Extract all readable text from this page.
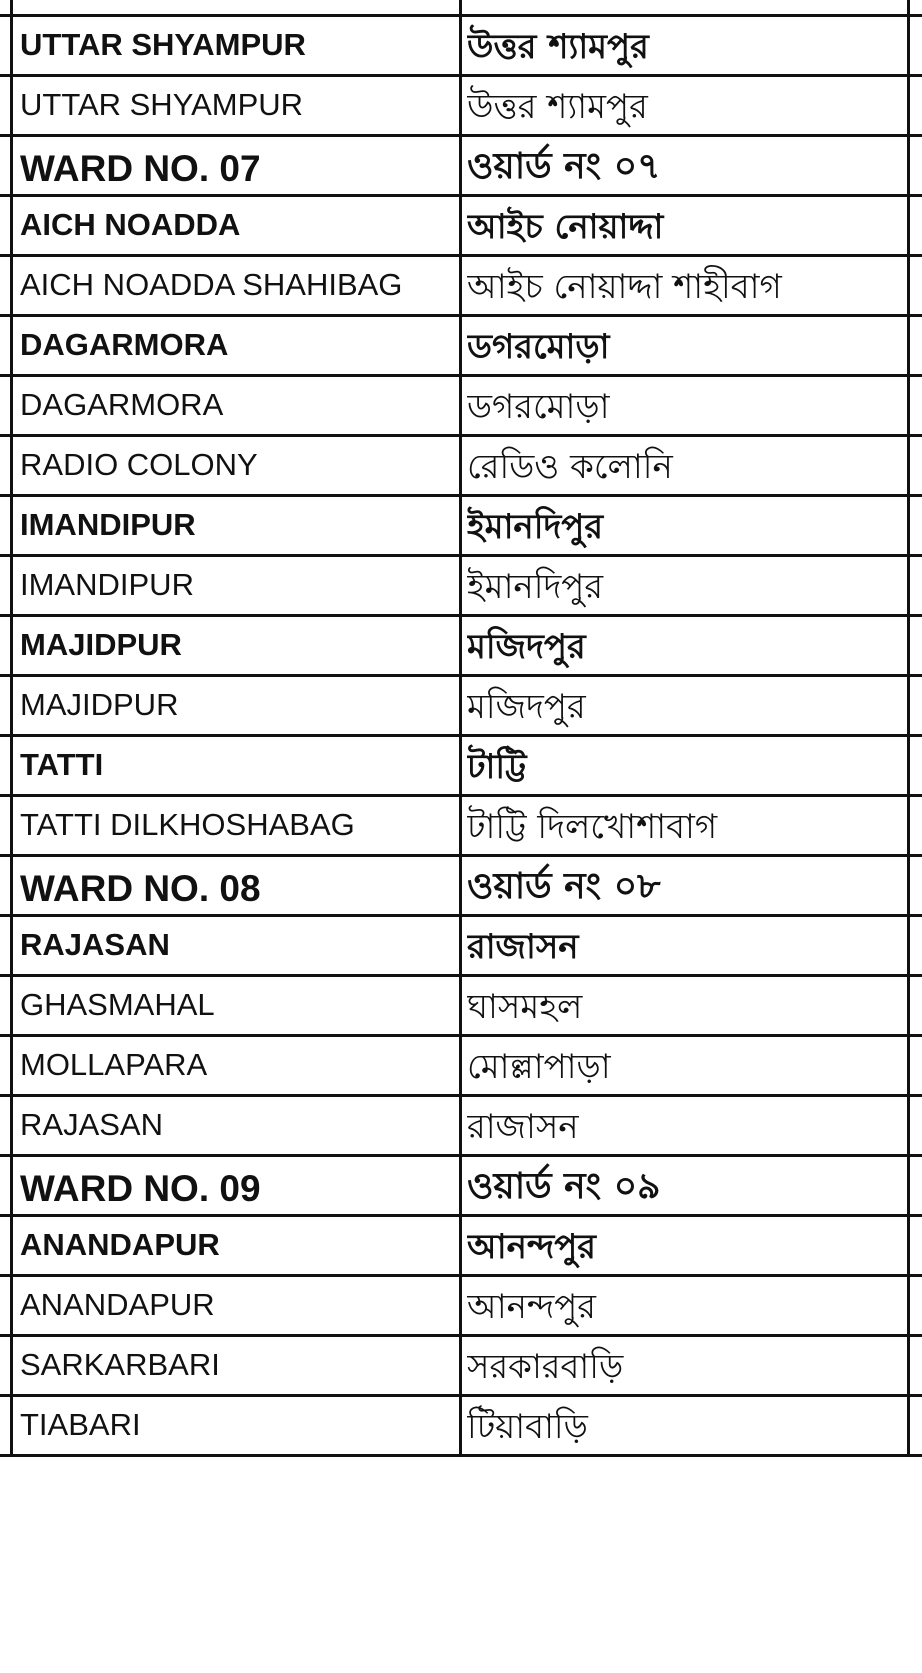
UTTAR SHYAMPUR	উত্তর শ্যামপুর
UTTAR SHYAMPUR	উত্তর শ্যামপুর
WARD NO. 07	ওয়ার্ড নং ০৭
AICH NOADDA	আইচ নোয়াদ্দা
AICH NOADDA SHAHIBAG আইচ নোয়াদ্দা শাহীবাগ
DAGARMORA	ডগরমোড়া
DAGARMORA	ডগরমোড়া
RADIO COLONY	রেডিও কলোনি
IMANDIPUR	ইমানদিপুর
IMANDIPUR	ইমানদিপুর
MAJIDPUR	মজিদপুর
MAJIDPUR	মজিদপুর
TATTI	টাট্টি
TATTI DILKHOSHABAG	টাট্টি দিলখোশাবাগ
WARD NO. 08	ওয়ার্ড নং ০৮
RAJASAN	রাজাসন
GHASMAHAL	ঘাসমহল
MOLLAPARA	মোল্লাপাড়া
RAJASAN	রাজাসন
WARD NO. 09	ওয়ার্ড নং ০৯
ANANDAPUR	আনন্দপুর
ANANDAPUR	আনন্দপুর
SARKARBARI	সরকারবাড়ি
TIABARI	টিয়াবাড়ি
